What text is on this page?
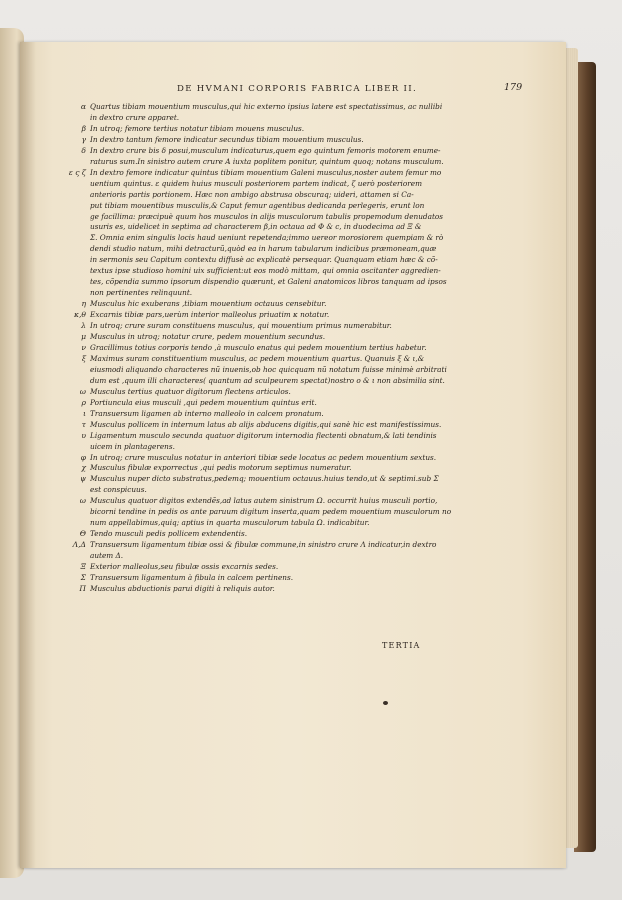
DE HVMANI CORPORIS FABRICA LIBER II.	179
α Quartus tibiam mouentium musculus,qui hic externo ipsius latere est spectatissimus, ac nullibi
in dextro crure apparet.
β In utroq; femore tertius notatur tibiam mouens musculus.
γ In dextro tantum femore indicatur secundus tibiam mouentium musculus.
δ In dextro crure bis δ posui,musculum indicaturus,quem ego quintum femoris motorem enume-
raturus sum.In sinistro autem crure A iuxta poplitem ponitur, quintum quoq; notans musculum.
ε ς ζ In dextro femore indicatur quintus tibiam mouentium Galeni musculus,noster autem femur mo
uentium quintus. ε quidem huius musculi posteriorem partem indicat, ζ uerò posteriorem
anterioris partis portionem. Hæc non ambigo abstrusa obscuraq; uideri, attamen si Ca-
put tibiam mouentibus musculis,& Caput femur agentibus dedicanda perlegeris, erunt lon
ge facillima: præcipuè quum hos musculos in alijs musculorum tabulis propemodum denudatos
usuris es, uidelicet in septima ad characterem β,in octaua ad Φ & c, in duodecima ad Ξ &
Σ. Omnia enim singulis locis haud ueniunt repetenda;immo uereor morosiorem quempiam & rò
dendi studio natum, mihi detracturũ,quòd ea in harum tabularum indicibus præmoneam,quæ
in sermonis seu Capitum contextu diffusè ac explicatè persequar. Quanquam etiam hæc & cõ-
textus ipse studioso homini uix sufficient:ut eos modò mittam, qui omnia oscitanter aggredien-
tes, cõpendia summo ipsorum dispendio quærunt, et Galeni anatomicos libros tanquam ad ipsos
non pertinentes relinquunt.
η Musculus hic exuberans ,tibiam mouentium octauus censebitur.
κ,θ Excarnis tibiæ pars,uerùm interior malleolus priuatim κ notatur.
λ In utroq; crure suram constituens musculus, qui mouentium primus numerabitur.
μ Musculus in utroq; notatur crure, pedem mouentium secundus.
ν Gracillimus totius corporis tendo ,à musculo enatus qui pedem mouentium tertius habetur.
ξ Maximus suram constituentium musculus, ac pedem mouentium quartus. Quanuis ξ & ι,&
eiusmodi aliquando characteres nũ inuenis,ob hoc quicquam nũ notatum fuisse minimè arbitrati
dum est ,quum illi characteres( quantum ad sculpeurem spectat)nostro o & ι non absimilia sint.
ω Musculus tertius quatuor digitorum flectens articulos.
ρ Portiuncula eius musculi ,qui pedem mouentium quintus erit.
ι Transuersum ligamen ab interno malleolo in calcem pronatum.
τ Musculus pollicem in internum latus ab alijs abducens digitis,qui sanè hic est manifestissimus.
υ Ligamentum musculo secunda quatuor digitorum internodia flectenti obnatum,& lati tendinis
uicem in plantagerens.
φ In utroq; crure musculus notatur in anteriori tibiæ sede locatus ac pedem mouentium sextus.
χ Musculus fibulæ exporrectus ,qui pedis motorum septimus numeratur.
ψ Musculus nuper dicto substratus,pedemq; mouentium octauus.huius tendo,ut & septimi.sub Σ
est conspicuus.
ω Musculus quatuor digitos extendẽs,ad latus autem sinistrum Ω. occurrit huius musculi portio,
bicorni tendine in pedis os ante paruum digitum inserta,quam pedem mouentium musculorum no
num appellabimus,quiq; aptius in quarta musculorum tabula Ω. indicabitur.
Θ Tendo musculi pedis pollicem extendentis.
Λ,Δ Transuersum ligamentum tibiæ ossi & fibulæ commune,in sinistro crure Λ indicatur,in dextro
autem Δ.
Ξ Exterior malleolus,seu fibulæ ossis excarnis sedes.
Σ Transuersum ligamentum à fibula in calcem pertinens.
Π Musculus abductionis parui digiti à reliquis autor.
TERTIA
